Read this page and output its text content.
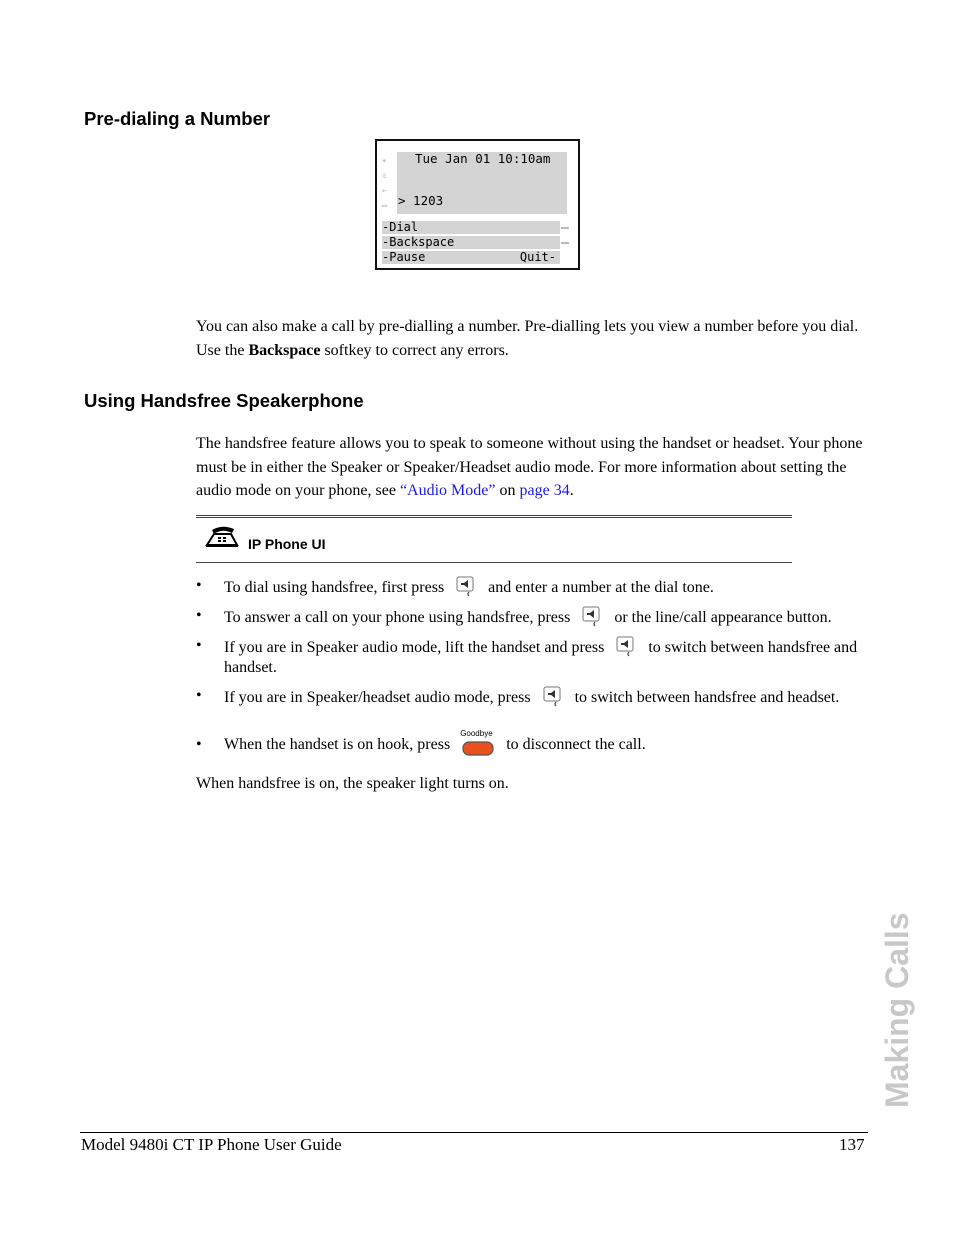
Pre-dialing a Number
✳
☏
←
▭
Tue Jan 01 10:10am
> 1203
-Dial
-Backspace
-Pause	Quit-
You can also make a call by pre-dialling a number. Pre-dialling lets you view a number before you dial. Use the Backspace softkey to correct any errors.
Using Handsfree Speakerphone
The handsfree feature allows you to speak to someone without using the handset or headset. Your phone must be in either the Speaker or Speaker/Headset audio mode. For more information about setting the audio mode on your phone, see “Audio Mode” on page 34.
IP Phone UI
• To dial using handsfree, first press	and enter a number at the dial tone.
• To answer a call on your phone using handsfree, press	or the line/call appearance button.
• If you are in Speaker audio mode, lift the handset and press	to switch between handsfree and handset.
• If you are in Speaker/headset audio mode, press	to switch between handsfree and headset.
• When the handset is on hook, press
Goodbye
to disconnect the call.
When handsfree is on, the speaker light turns on.
Making Calls
Model 9480i CT IP Phone User Guide	137
